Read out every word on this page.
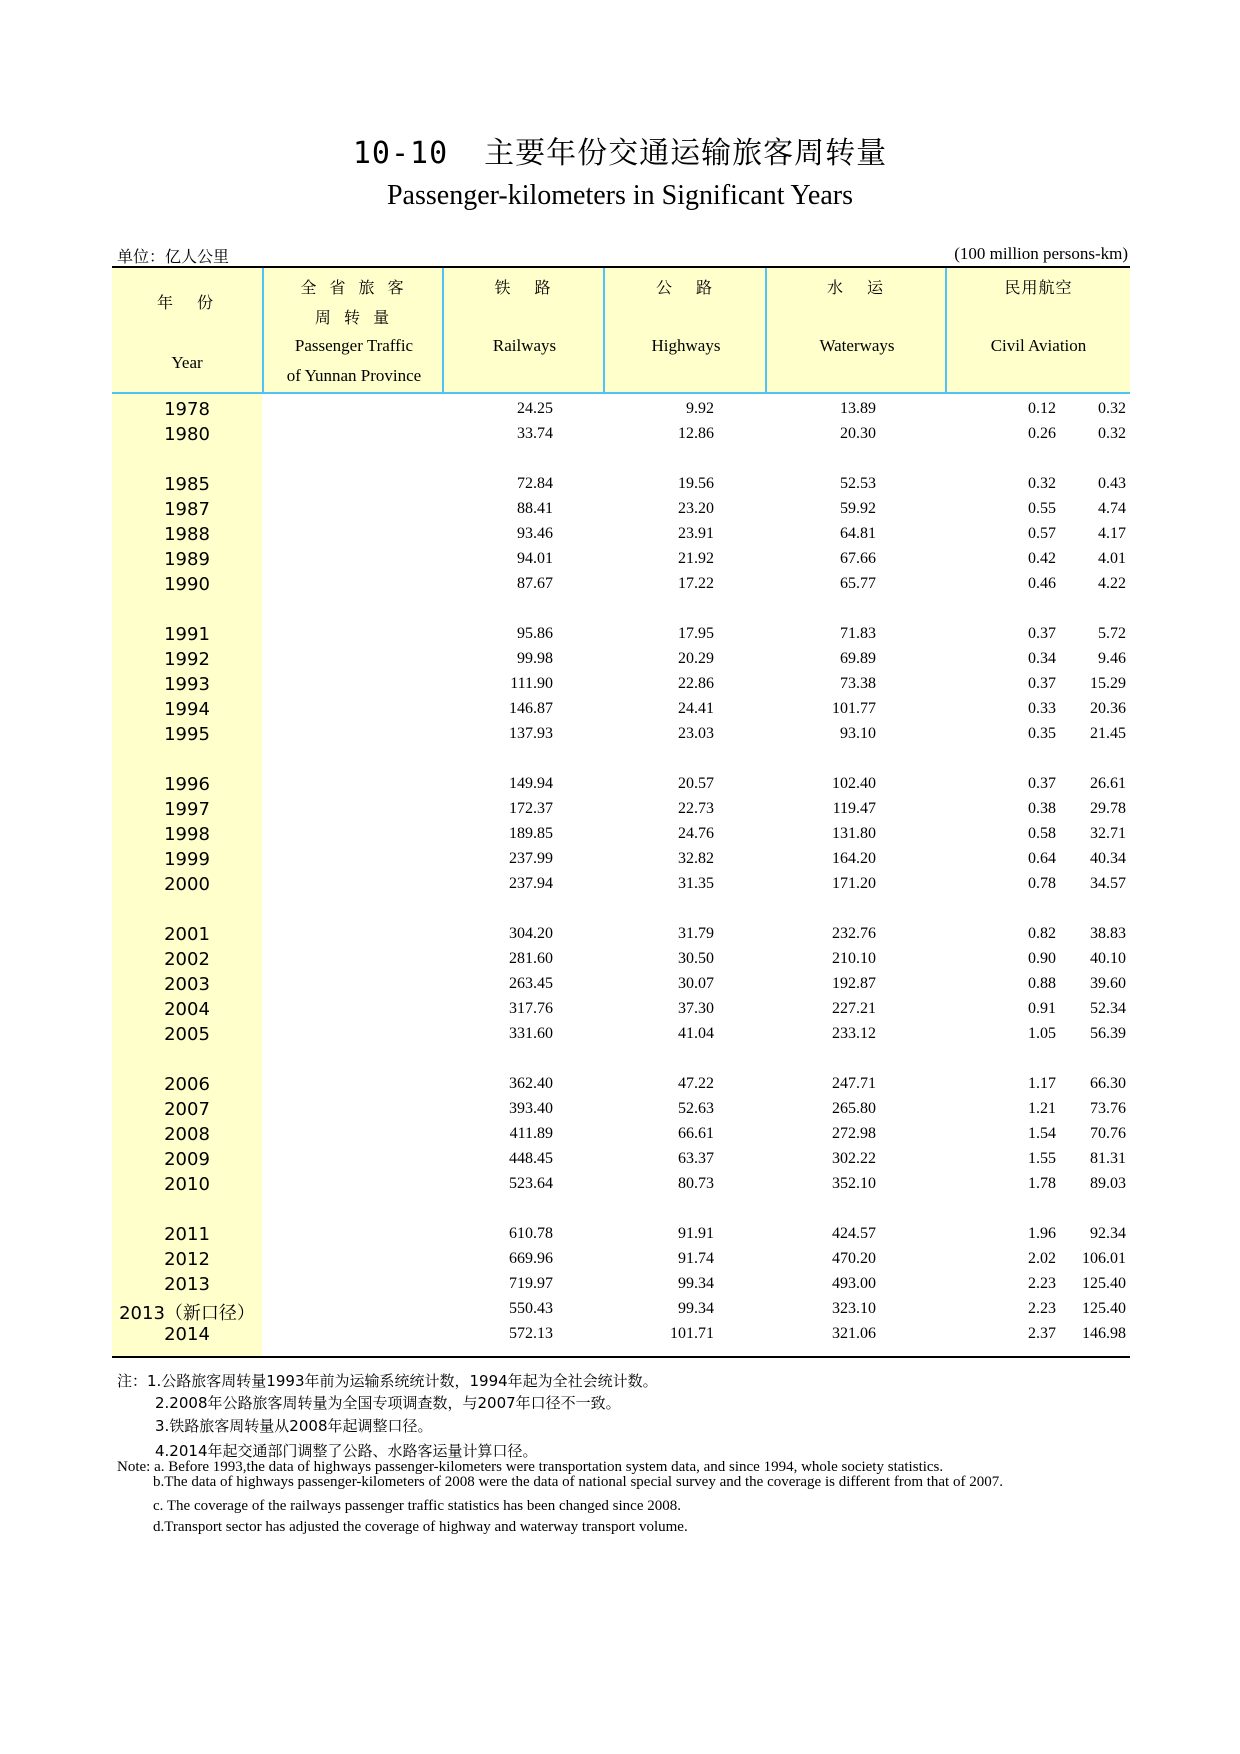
10-10 主要年份交通运输旅客周转量
Passenger-kilometers in Significant Years
单位：亿人公里	(100 million persons-km)
年　份
Year
全 省 旅 客
周 转 量
Passenger Traffic
of Yunnan Province
铁　路
Railways
公　路
Highways
水　运
Waterways
民用航空
Civil Aviation
1978	24.25	9.92	13.89	0.12	0.32
1980	33.74	12.86	20.30	0.26	0.32
1985	72.84	19.56	52.53	0.32	0.43
1987	88.41	23.20	59.92	0.55	4.74
1988	93.46	23.91	64.81	0.57	4.17
1989	94.01	21.92	67.66	0.42	4.01
1990	87.67	17.22	65.77	0.46	4.22
1991	95.86	17.95	71.83	0.37	5.72
1992	99.98	20.29	69.89	0.34	9.46
1993	111.90	22.86	73.38	0.37 15.29
1994	146.87	24.41	101.77	0.33 20.36
1995	137.93	23.03	93.10	0.35 21.45
1996	149.94	20.57	102.40	0.37 26.61
1997	172.37	22.73	119.47	0.38 29.78
1998	189.85	24.76	131.80	0.58 32.71
1999	237.99	32.82	164.20	0.64 40.34
2000	237.94	31.35	171.20	0.78 34.57
2001	304.20	31.79	232.76	0.82 38.83
2002	281.60	30.50	210.10	0.90 40.10
2003	263.45	30.07	192.87	0.88 39.60
2004	317.76	37.30	227.21	0.91 52.34
2005	331.60	41.04	233.12	1.05 56.39
2006	362.40	47.22	247.71	1.17 66.30
2007	393.40	52.63	265.80	1.21 73.76
2008	411.89	66.61	272.98	1.54 70.76
2009	448.45	63.37	302.22	1.55 81.31
2010	523.64	80.73	352.10	1.78 89.03
2011	610.78	91.91	424.57	1.96 92.34
2012	669.96	91.74	470.20	2.02 106.01
2013	719.97	99.34	493.00	2.23 125.40
2013（新口径）	550.43	99.34	323.10	2.23 125.40
2014	572.13	101.71	321.06	2.37 146.98
注：1.公路旅客周转量1993年前为运输系统统计数，1994年起为全社会统计数。
2.2008年公路旅客周转量为全国专项调查数，与2007年口径不一致。
3.铁路旅客周转量从2008年起调整口径。
4.2014年起交通部门调整了公路、水路客运量计算口径。
Note: a. Before 1993,the data of highways passenger-kilometers were transportation system data, and since 1994, whole society statistics.
b.The data of highways passenger-kilometers of 2008 were the data of national special survey and the coverage is different from that of 2007.
c. The coverage of the railways passenger traffic statistics has been changed since 2008.
d.Transport sector has adjusted the coverage of highway and waterway transport volume.
